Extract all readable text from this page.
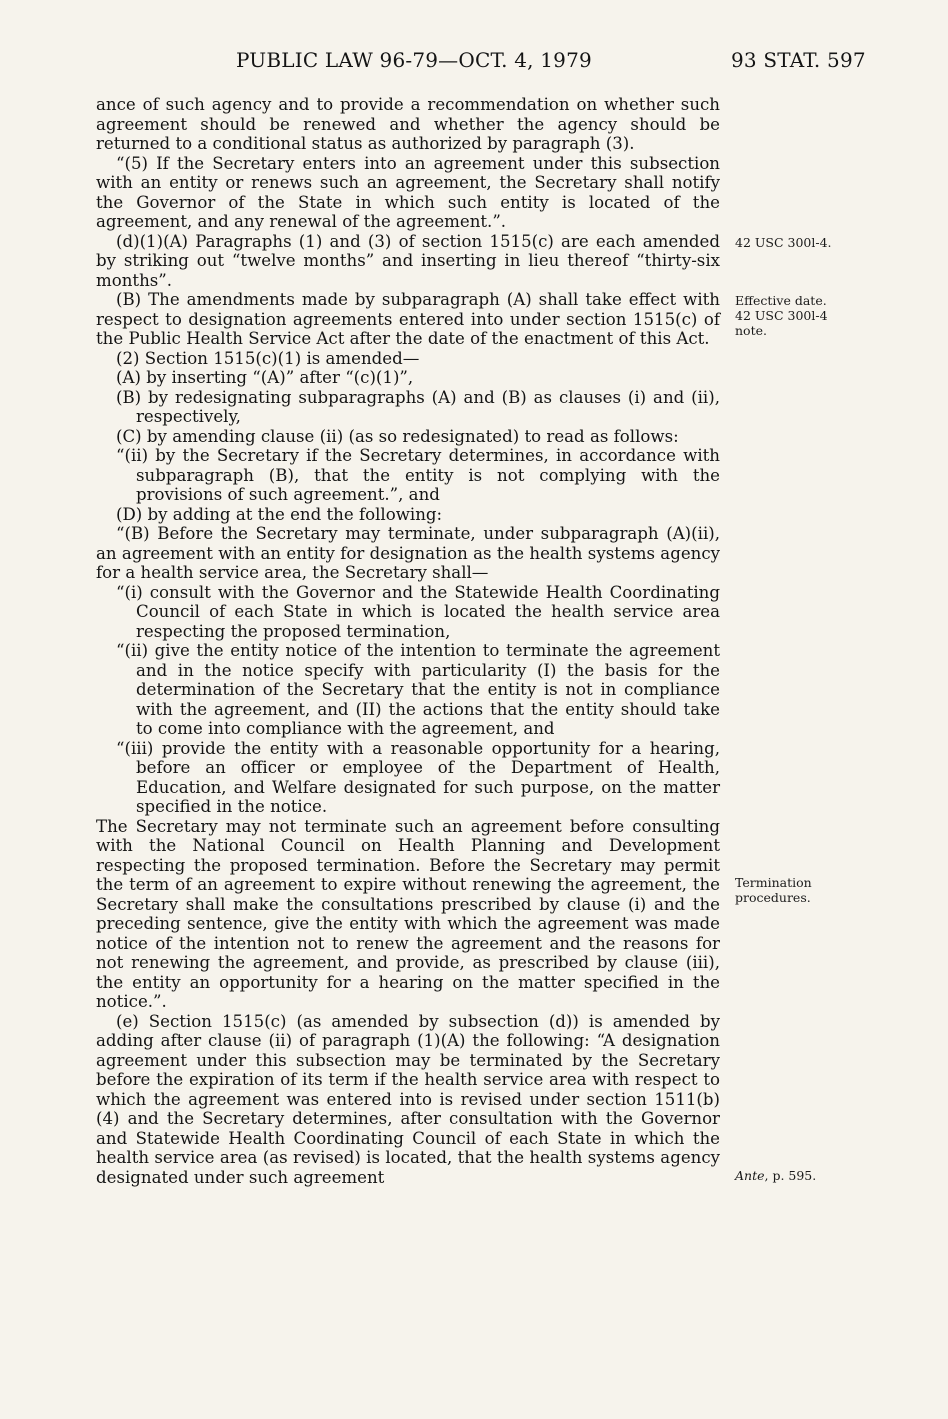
PUBLIC LAW 96-79—OCT. 4, 1979	93 STAT. 597

ance of such agency and to provide a recommendation on whether such agreement should be renewed and whether the agency should be returned to a conditional status as authorized by paragraph (3).

“(5) If the Secretary enters into an agreement under this subsection with an entity or renews such an agreement, the Secretary shall notify the Governor of the State in which such entity is located of the agreement, and any renewal of the agreement.”.

(d)(1)(A) Paragraphs (1) and (3) of section 1515(c) are each amended by striking out “twelve months” and inserting in lieu thereof “thirty-six months”.

(B) The amendments made by subparagraph (A) shall take effect with respect to designation agreements entered into under section 1515(c) of the Public Health Service Act after the date of the enactment of this Act.

(2) Section 1515(c)(1) is amended—

(A) by inserting “(A)” after “(c)(1)”,

(B) by redesignating subparagraphs (A) and (B) as clauses (i) and (ii), respectively,

(C) by amending clause (ii) (as so redesignated) to read as follows:

“(ii) by the Secretary if the Secretary determines, in accordance with subparagraph (B), that the entity is not complying with the provisions of such agreement.”, and

(D) by adding at the end the following:

“(B) Before the Secretary may terminate, under subparagraph (A)(ii), an agreement with an entity for designation as the health systems agency for a health service area, the Secretary shall—

“(i) consult with the Governor and the Statewide Health Coordinating Council of each State in which is located the health service area respecting the proposed termination,

“(ii) give the entity notice of the intention to terminate the agreement and in the notice specify with particularity (I) the basis for the determination of the Secretary that the entity is not in compliance with the agreement, and (II) the actions that the entity should take to come into compliance with the agreement, and

“(iii) provide the entity with a reasonable opportunity for a hearing, before an officer or employee of the Department of Health, Education, and Welfare designated for such purpose, on the matter specified in the notice.

The Secretary may not terminate such an agreement before consulting with the National Council on Health Planning and Development respecting the proposed termination. Before the Secretary may permit the term of an agreement to expire without renewing the agreement, the Secretary shall make the consultations prescribed by clause (i) and the preceding sentence, give the entity with which the agreement was made notice of the intention not to renew the agreement and the reasons for not renewing the agreement, and provide, as prescribed by clause (iii), the entity an opportunity for a hearing on the matter specified in the notice.”.

(e) Section 1515(c) (as amended by subsection (d)) is amended by adding after clause (ii) of paragraph (1)(A) the following: “A designation agreement under this subsection may be terminated by the Secretary before the expiration of its term if the health service area with respect to which the agreement was entered into is revised under section 1511(b)(4) and the Secretary determines, after consultation with the Governor and Statewide Health Coordinating Council of each State in which the health service area (as revised) is located, that the health systems agency designated under such agreement

42 USC 300l-4.
Effective date.
42 USC 300l-4
note.
Termination
procedures.
Ante, p. 595.
